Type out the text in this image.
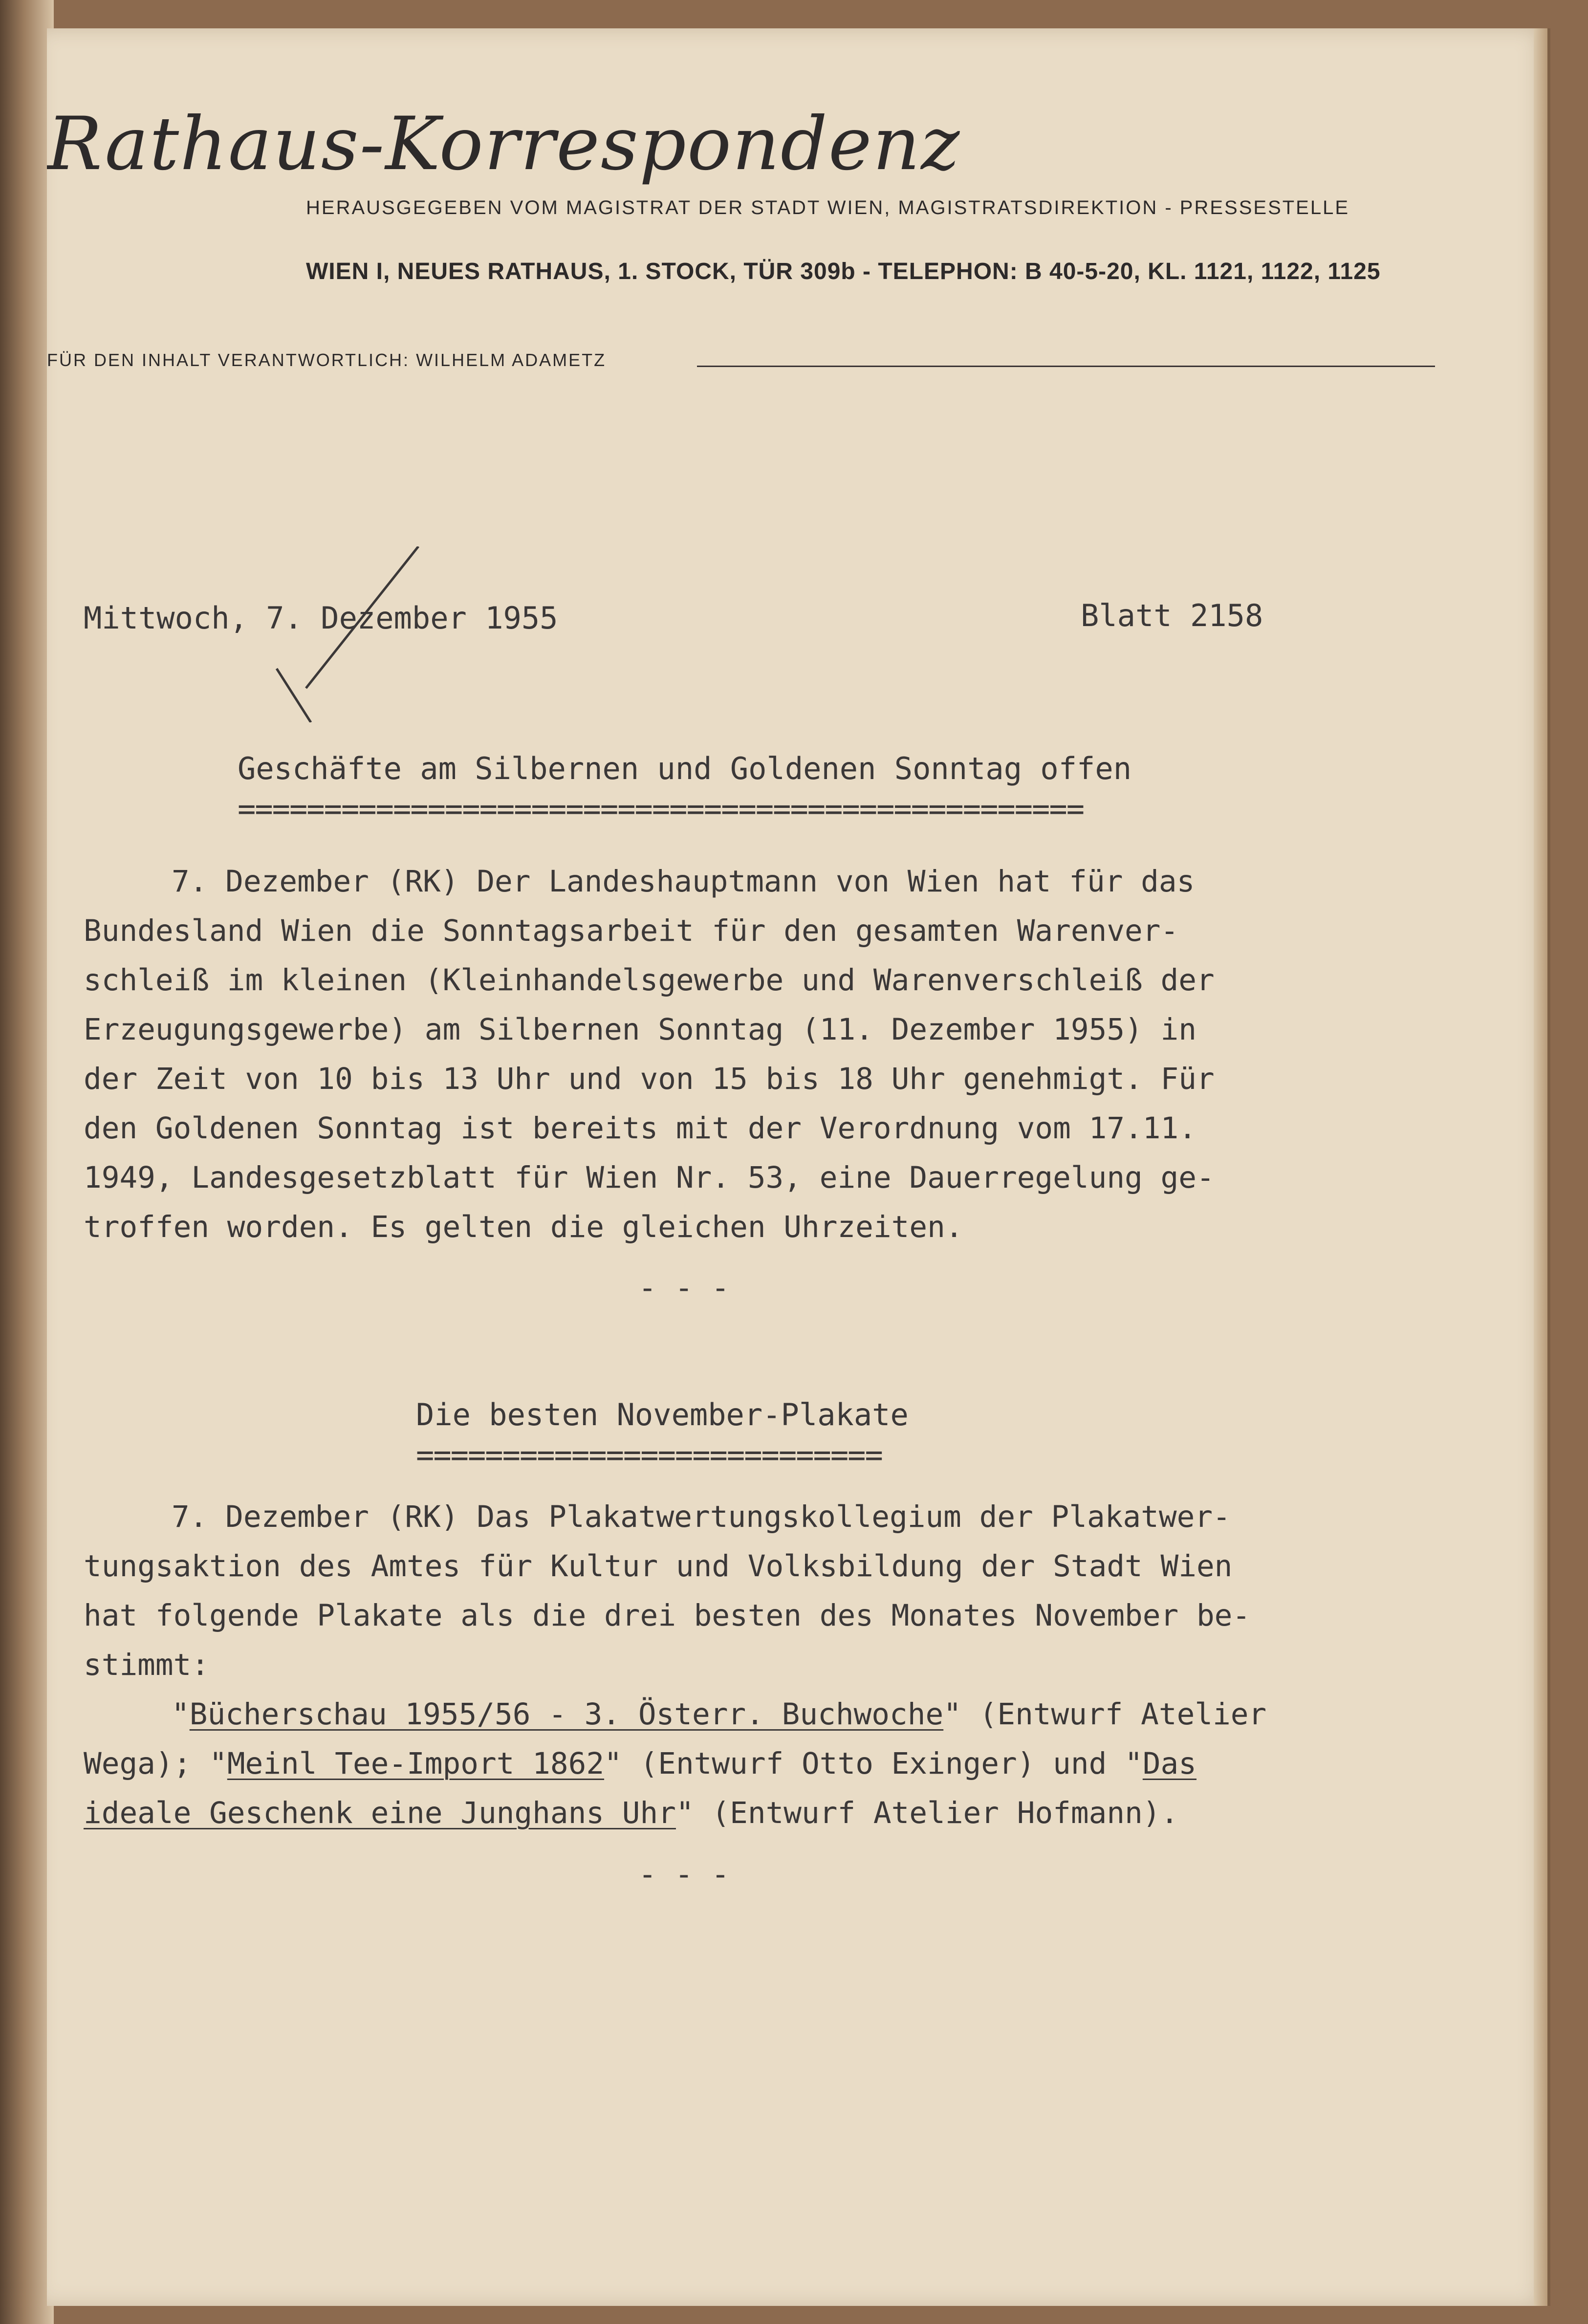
Rathaus-Korrespondenz
HERAUSGEGEBEN VOM MAGISTRAT DER STADT WIEN, MAGISTRATSDIREKTION - PRESSESTELLE
WIEN I, NEUES RATHAUS, 1. STOCK, TÜR 309b - TELEPHON: B 40-5-20, KL. 1121, 1122, 1125
FÜR DEN INHALT VERANTWORTLICH: WILHELM ADAMETZ
Mittwoch, 7. Dezember 1955	Blatt 2158
Geschäfte am Silbernen und Goldenen Sonntag offen
=================================================
7. Dezember (RK) Der Landeshauptmann von Wien hat für das
Bundesland Wien die Sonntagsarbeit für den gesamten Warenver-
schleiß im kleinen (Kleinhandelsgewerbe und Warenverschleiß der
Erzeugungsgewerbe) am Silbernen Sonntag (11. Dezember 1955) in
der Zeit von 10 bis 13 Uhr und von 15 bis 18 Uhr genehmigt. Für
den Goldenen Sonntag ist bereits mit der Verordnung vom 17.11.
1949, Landesgesetzblatt für Wien Nr. 53, eine Dauerregelung ge-
troffen worden. Es gelten die gleichen Uhrzeiten.
- - -
Die besten November-Plakate
===========================
7. Dezember (RK) Das Plakatwertungskollegium der Plakatwer-
tungsaktion des Amtes für Kultur und Volksbildung der Stadt Wien
hat folgende Plakate als die drei besten des Monates November be-
stimmt:
"Bücherschau 1955/56 - 3. Österr. Buchwoche" (Entwurf Atelier
Wega); "Meinl Tee-Import 1862" (Entwurf Otto Exinger) und "Das
ideale Geschenk eine Junghans Uhr" (Entwurf Atelier Hofmann).
- - -
